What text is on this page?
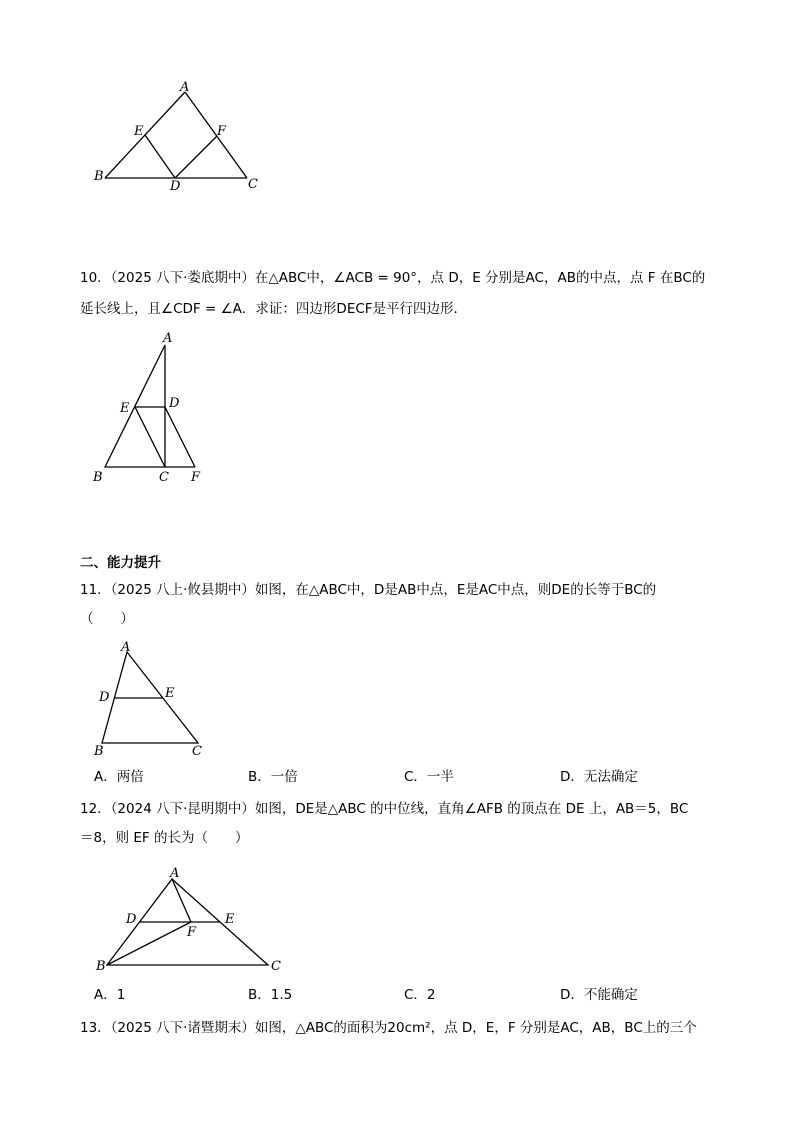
A
B
C
D
E	F
10．（2025 八下·娄底期中）在△ABC中，∠ACB = 90°，点 D，E 分别是AC，AB的中点，点 F 在BC的
延长线上，且∠CDF = ∠A．求证：四边形DECF是平行四边形．
A
B	C
D
E
F
二、能力提升
11．（2025 八上·攸县期中）如图，在△ABC中，D是AB中点，E是AC中点，则DE的长等于BC的
（　　）
A
B	C
D	E
A．两倍	B．一倍	C．一半	D．无法确定
12．（2024 八下·昆明期中）如图，DE是△ABC 的中位线，直角∠AFB 的顶点在 DE 上，AB＝5，BC
＝8，则 EF 的长为（　　）
A
B	C
D	E
F
A．1	B．1.5	C．2	D．不能确定
13．（2025 八下·诸暨期末）如图，△ABC的面积为20cm²，点 D，E，F 分别是AC，AB，BC上的三个
